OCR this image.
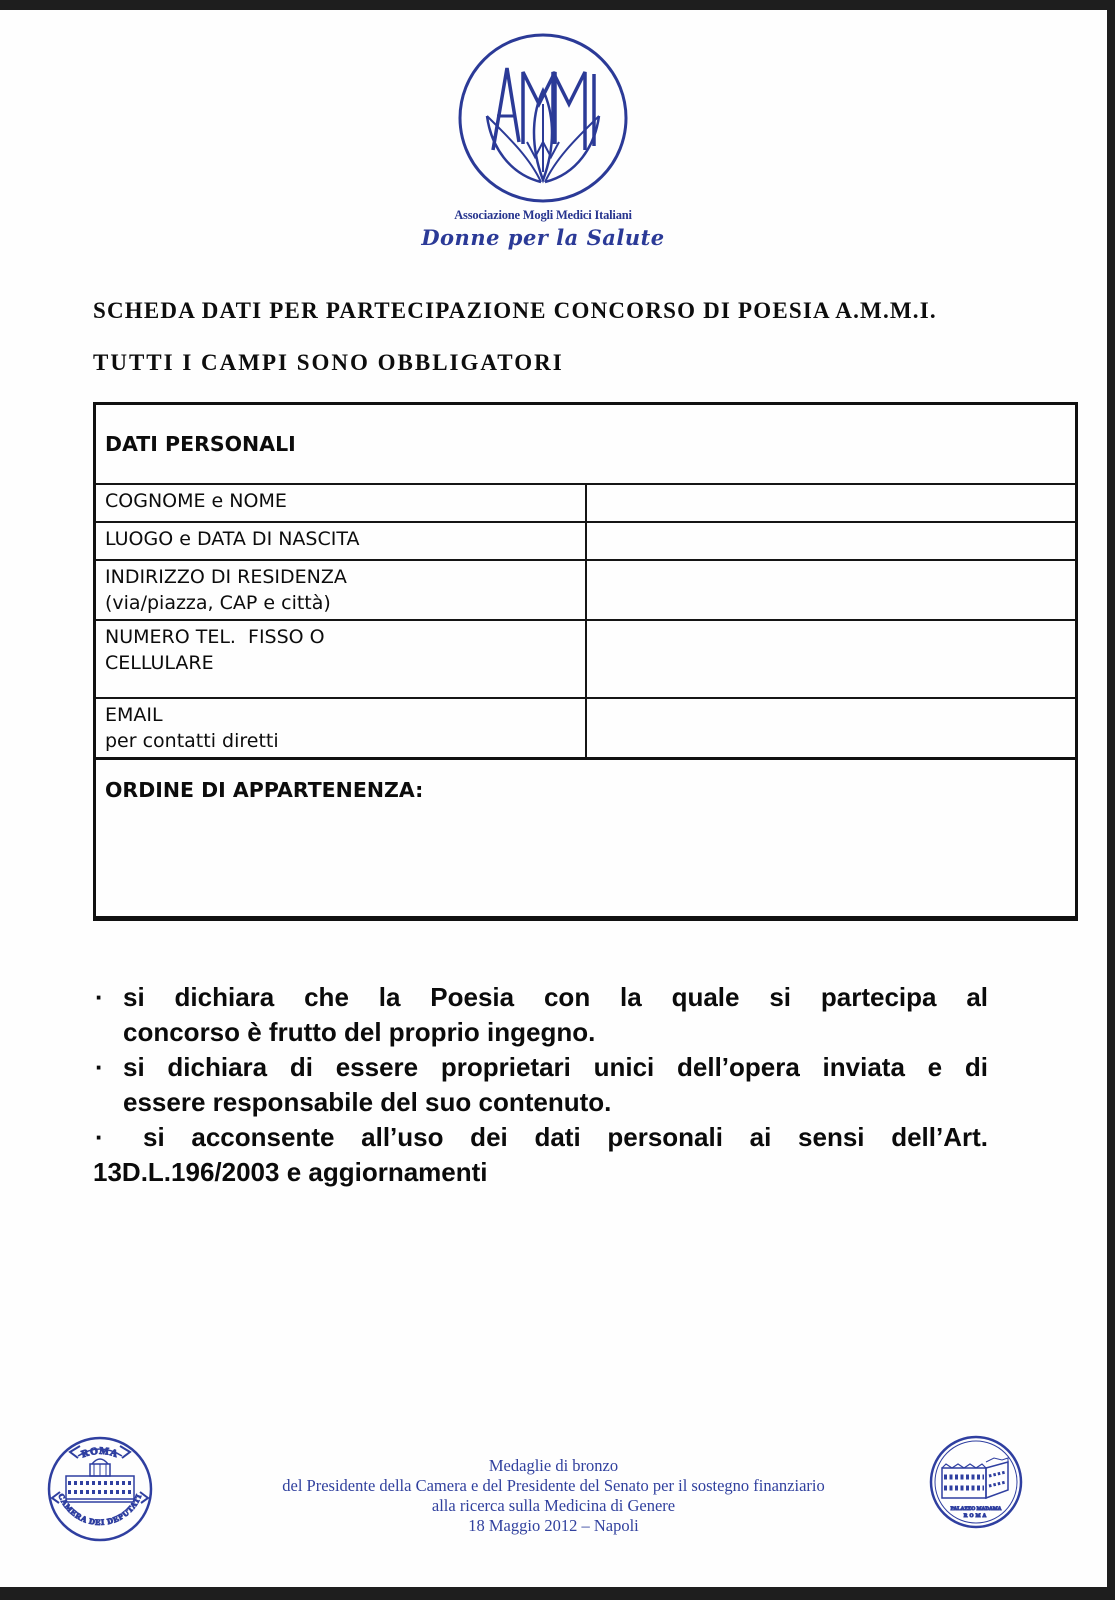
Associazione Mogli Medici Italiani
Donne per la Salute
SCHEDA DATI PER PARTECIPAZIONE CONCORSO DI POESIA A.M.M.I.
TUTTI I CAMPI SONO OBBLIGATORI
DATI PERSONALI	

COGNOME e NOME	

LUOGO e DATA DI NASCITA	

INDIRIZZO DI RESIDENZA
(via/piazza, CAP e città)	

NUMERO TEL.  FISSO O
CELLULARE	

EMAIL
per contatti diretti	

ORDINE DI APPARTENENZA:	
· si dichiara che la Poesia con la quale si partecipa al
concorso è frutto del proprio ingegno.
· si dichiara di essere proprietari unici dell’opera inviata e di
essere responsabile del suo contenuto.
· si acconsente all’uso dei dati personali ai sensi dell’Art.
13D.L.196/2003 e aggiornamenti
ROMA
CAMERA DEI DEPUTATI
Medaglie di bronzo
del Presidente della Camera e del Presidente del Senato per il sostegno finanziario
alla ricerca sulla Medicina di Genere
18 Maggio 2012 – Napoli
PALAZZO MADAMA
ROMA
